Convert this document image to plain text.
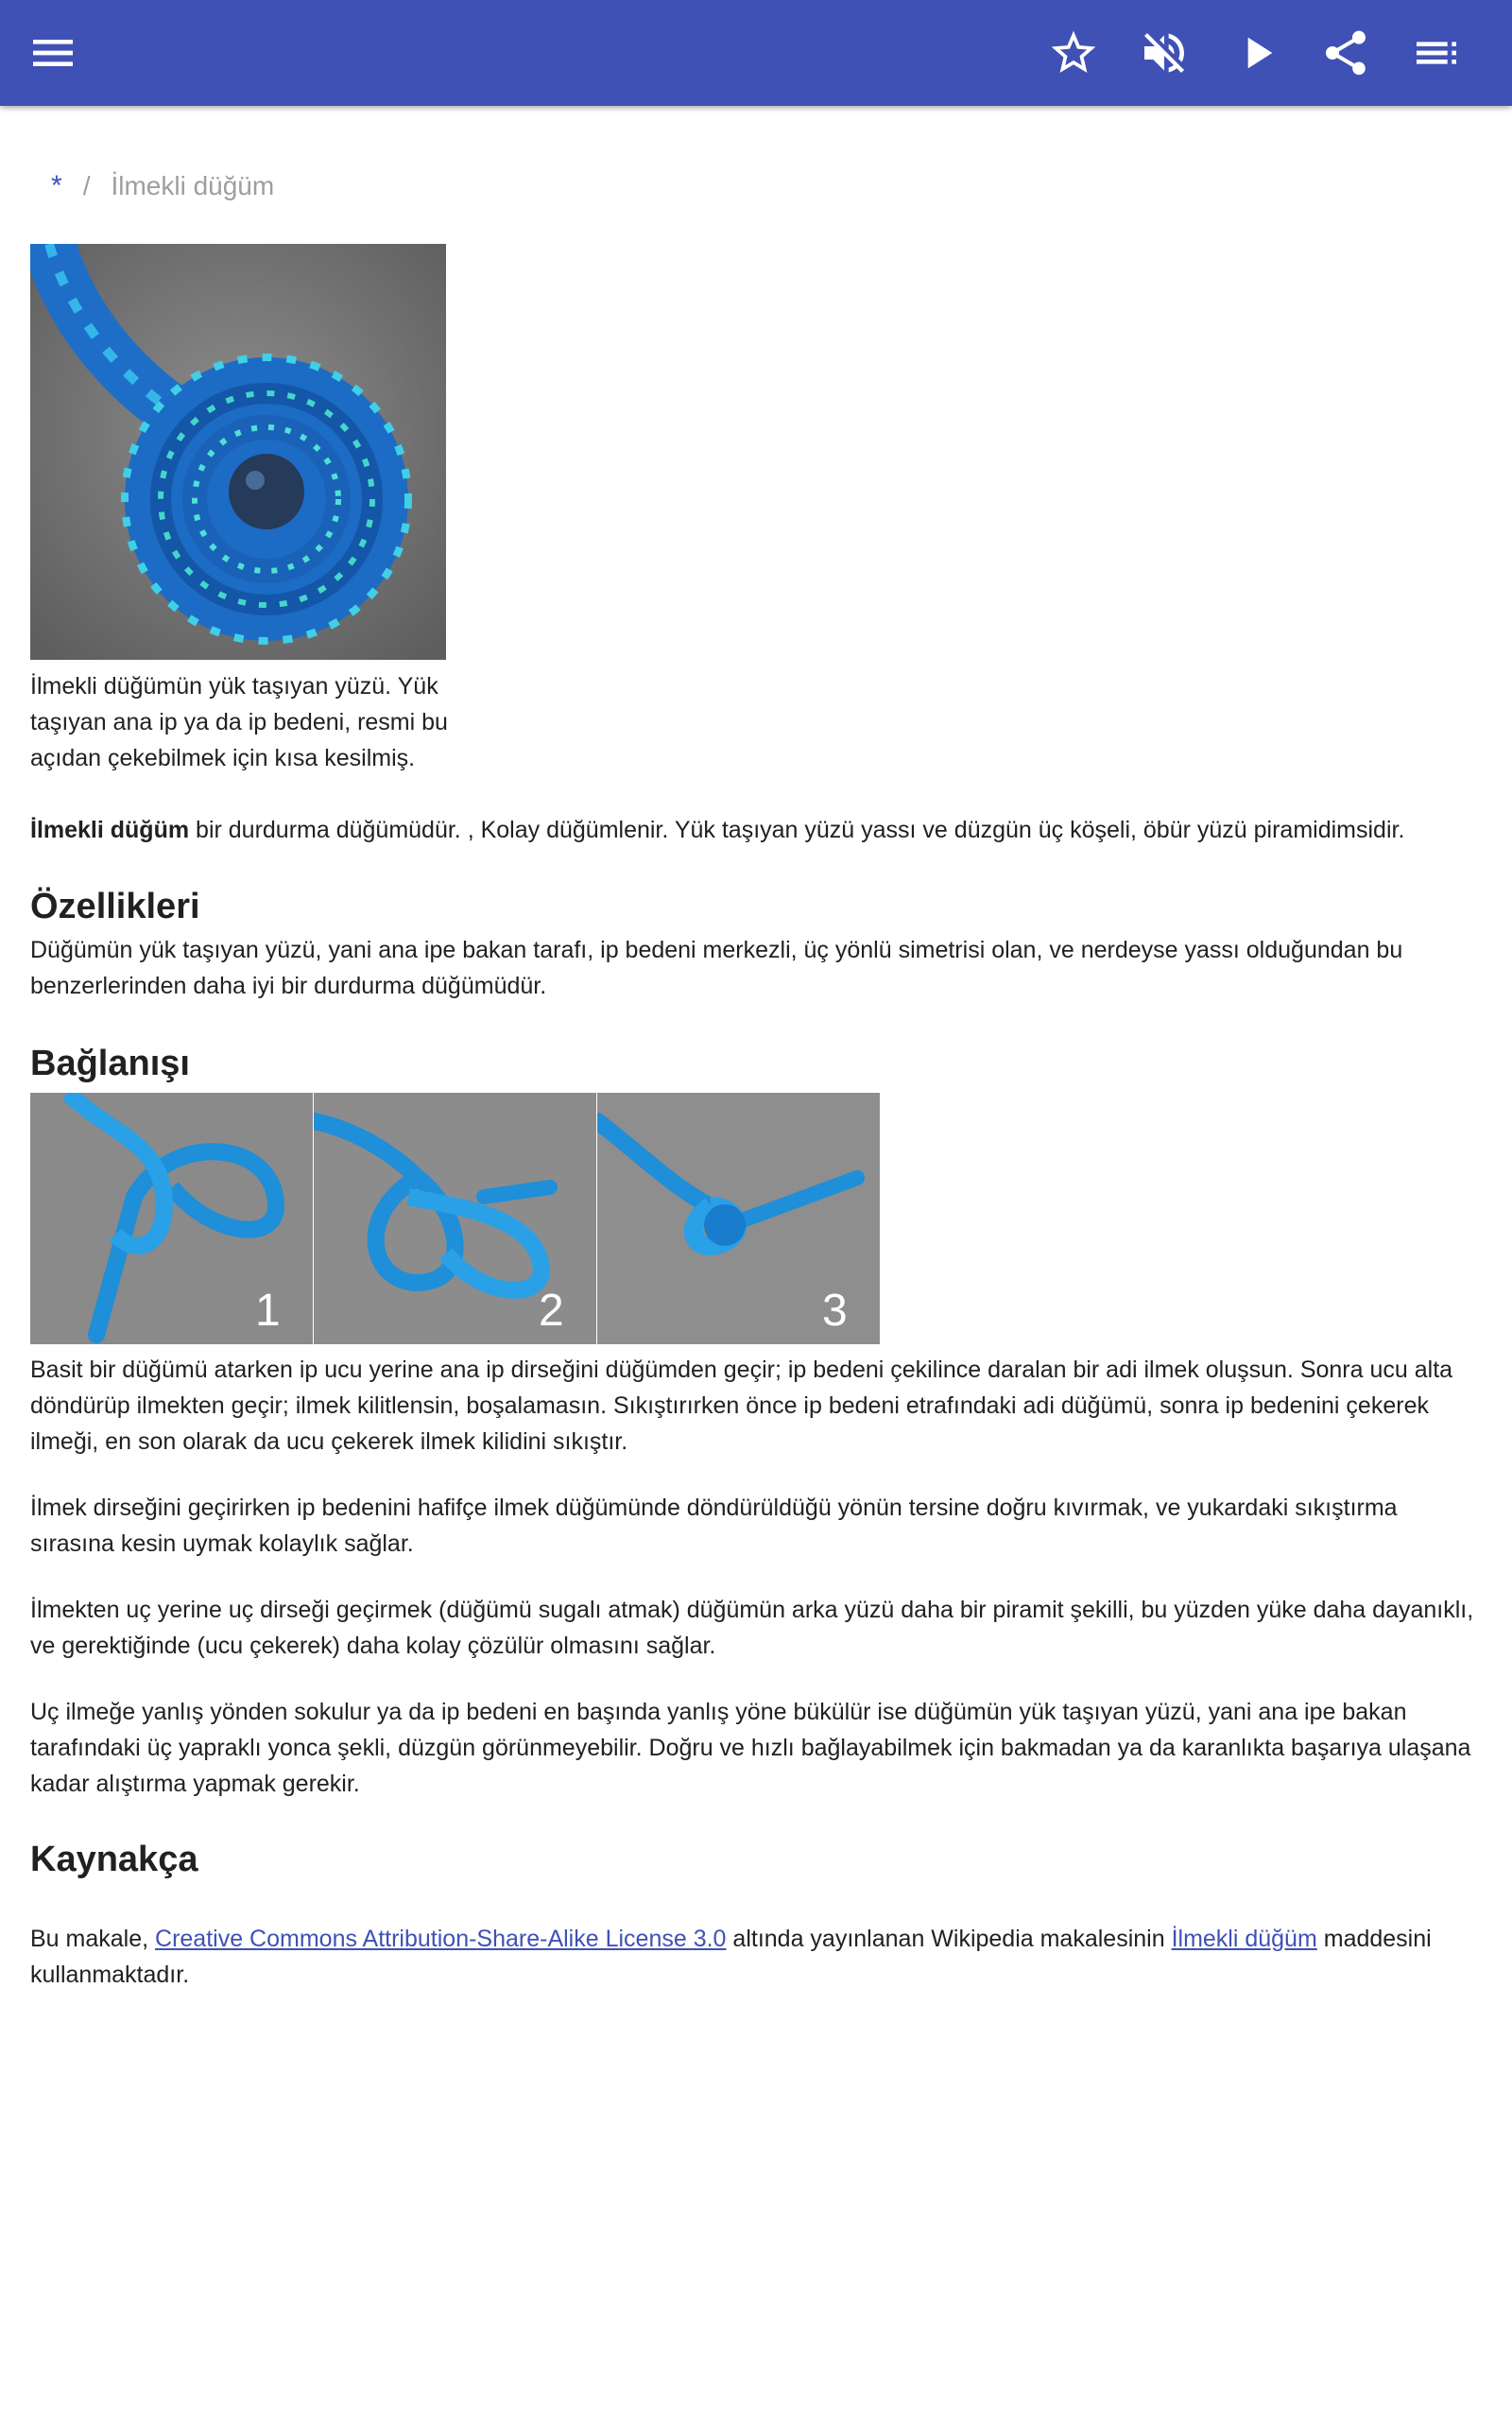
* / İlmekli düğüm
İlmekli düğümün yük taşıyan yüzü. Yük taşıyan ana ip ya da ip bedeni, resmi bu açıdan çekebilmek için kısa kesilmiş.

İlmekli düğüm bir durdurma düğümüdür. , Kolay düğümlenir. Yük taşıyan yüzü yassı ve düzgün üç köşeli, öbür yüzü piramidimsidir.

Özellikleri

Düğümün yük taşıyan yüzü, yani ana ipe bakan tarafı, ip bedeni merkezli, üç yönlü simetrisi olan, ve nerdeyse yassı olduğundan bu benzerlerinden daha iyi bir durdurma düğümüdür.

Bağlanışı
1	2	3

Basit bir düğümü atarken ip ucu yerine ana ip dirseğini düğümden geçir; ip bedeni çekilince daralan bir adi ilmek oluşsun. Sonra ucu alta döndürüp ilmekten geçir; ilmek kilitlensin, boşalamasın. Sıkıştırırken önce ip bedeni etrafındaki adi düğümü, sonra ip bedenini çekerek ilmeği, en son olarak da ucu çekerek ilmek kilidini sıkıştır.

İlmek dirseğini geçirirken ip bedenini hafifçe ilmek düğümünde döndürüldüğü yönün tersine doğru kıvırmak, ve yukardaki sıkıştırma sırasına kesin uymak kolaylık sağlar.

İlmekten uç yerine uç dirseği geçirmek (düğümü sugalı atmak) düğümün arka yüzü daha bir piramit şekilli, bu yüzden yüke daha dayanıklı, ve gerektiğinde (ucu çekerek) daha kolay çözülür olmasını sağlar.

Uç ilmeğe yanlış yönden sokulur ya da ip bedeni en başında yanlış yöne bükülür ise düğümün yük taşıyan yüzü, yani ana ipe bakan tarafındaki üç yapraklı yonca şekli, düzgün görünmeyebilir. Doğru ve hızlı bağlayabilmek için bakmadan ya da karanlıkta başarıya ulaşana kadar alıştırma yapmak gerekir.

Kaynakça

Bu makale, Creative Commons Attribution-Share-Alike License 3.0 altında yayınlanan Wikipedia makalesinin İlmekli düğüm maddesini kullanmaktadır.
